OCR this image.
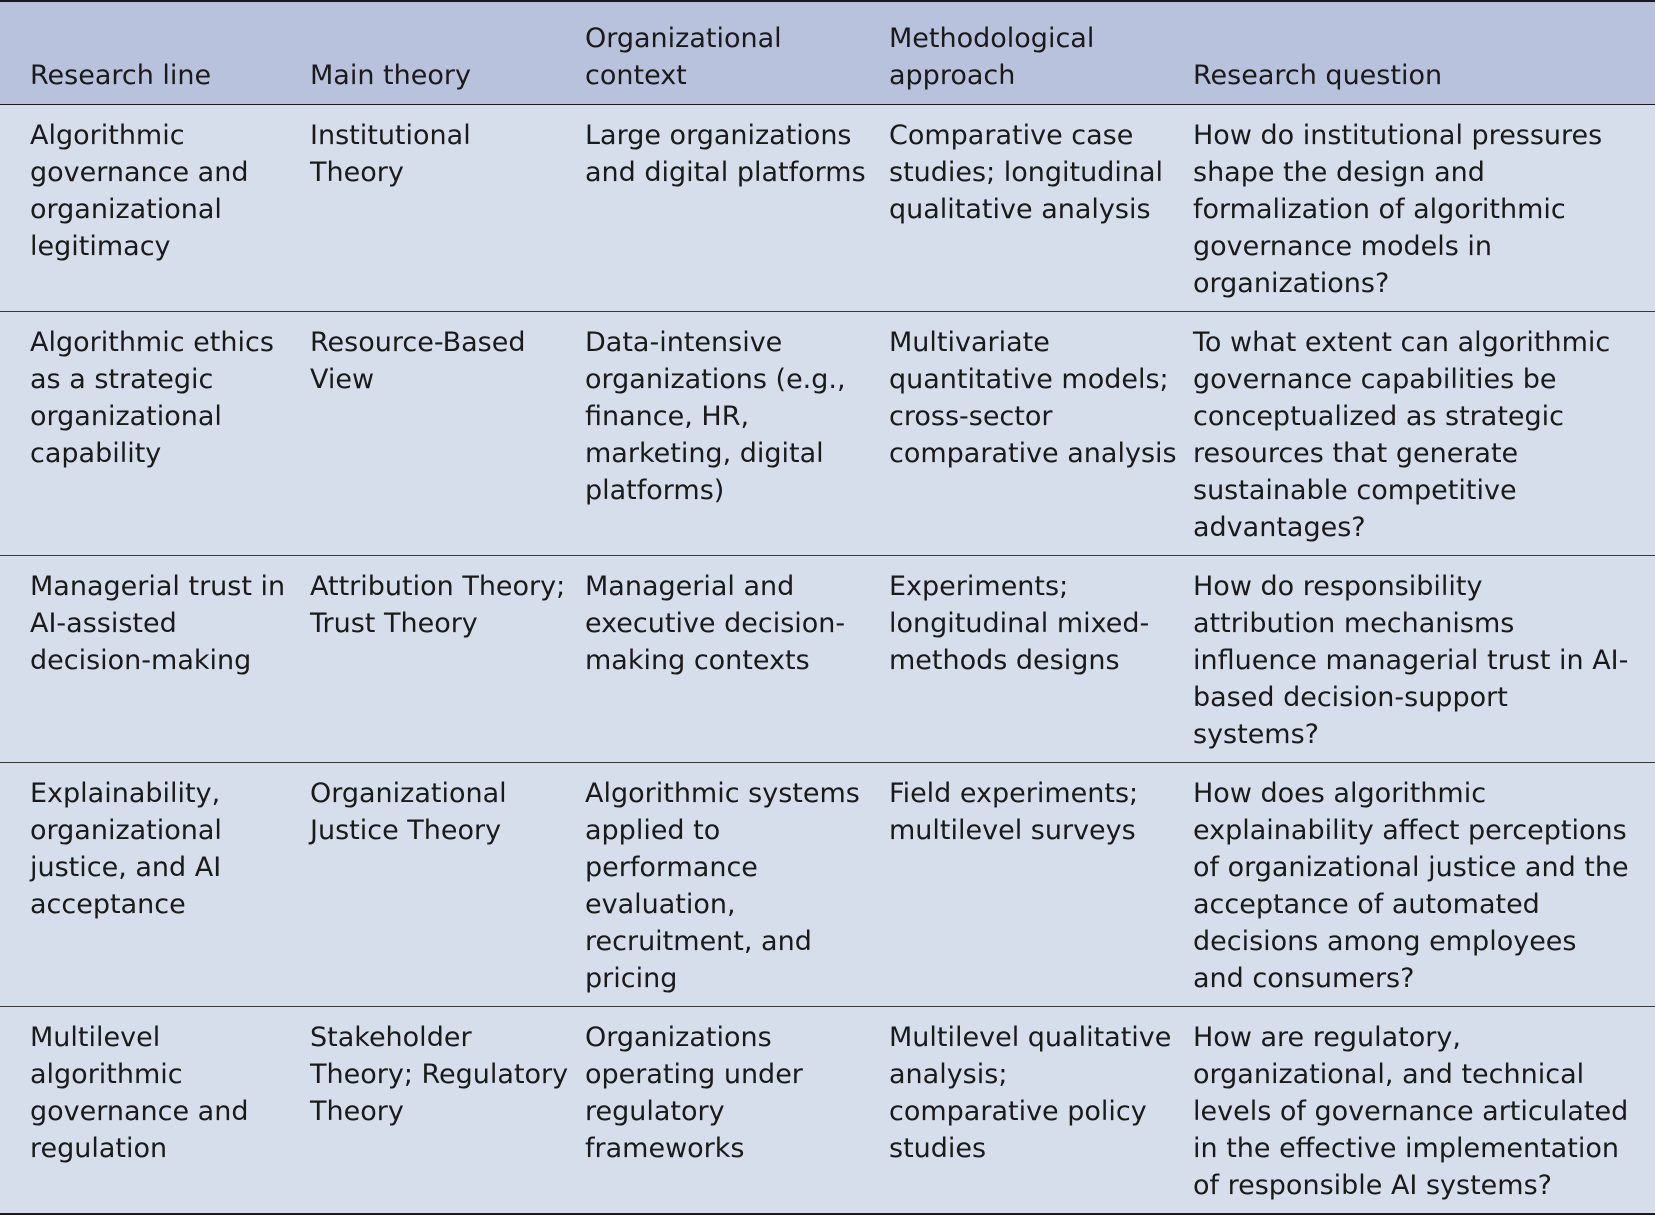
Research line	Main theory	Organizational context	Methodological approach	Research question
Algorithmic governance and organizational legitimacy	Institutional Theory	Large organizations and digital platforms	Comparative case studies; longitudinal qualitative analysis	How do institutional pressures shape the design and formalization of algorithmic governance models in organizations?
Algorithmic ethics as a strategic organizational capability	Resource-Based View	Data-intensive organizations (e.g., finance, HR, marketing, digital platforms)	Multivariate quantitative models; cross-sector comparative analysis	To what extent can algorithmic governance capabilities be conceptualized as strategic resources that generate sustainable competitive advantages?
Managerial trust in AI-assisted decision-making	Attribution Theory; Trust Theory	Managerial and executive decision-making contexts	Experiments; longitudinal mixed-methods designs	How do responsibility attribution mechanisms influence managerial trust in AI-based decision-support systems?
Explainability, organizational justice, and AI acceptance	Organizational Justice Theory	Algorithmic systems applied to performance evaluation, recruitment, and pricing	Field experiments; multilevel surveys	How does algorithmic explainability affect perceptions of organizational justice and the acceptance of automated decisions among employees and consumers?
Multilevel algorithmic governance and regulation	Stakeholder Theory; Regulatory Theory	Organizations operating under regulatory frameworks	Multilevel qualitative analysis; comparative policy studies	How are regulatory, organizational, and technical levels of governance articulated in the effective implementation of responsible AI systems?
